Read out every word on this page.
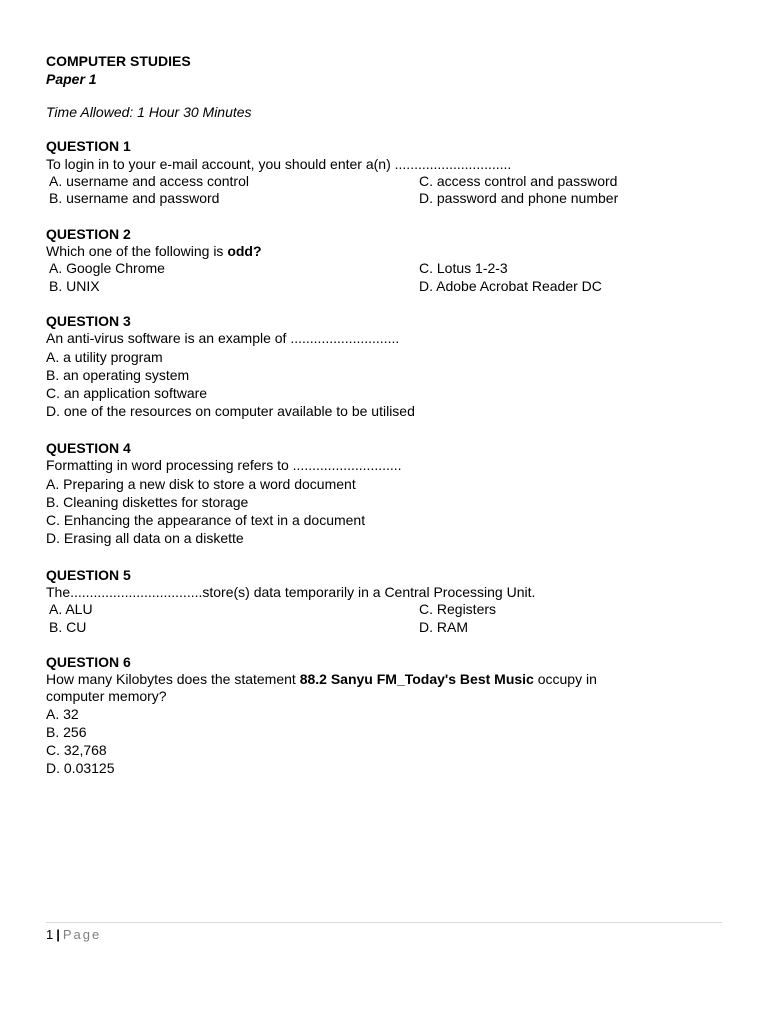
COMPUTER STUDIES
Paper 1
Time Allowed: 1 Hour 30 Minutes
QUESTION 1
To login in to your e-mail account, you should enter a(n) ..............................
A. username and access control
B. username and password
C. access control and password
D. password and phone number
QUESTION 2
Which one of the following is odd?
A. Google Chrome
B. UNIX
C. Lotus 1-2-3
D. Adobe Acrobat Reader DC
QUESTION 3
An anti-virus software is an example of ............................
A. a utility program
B. an operating system
C. an application software
D. one of the resources on computer available to be utilised
QUESTION 4
Formatting in word processing refers to ............................
A. Preparing a new disk to store a word document
B. Cleaning diskettes for storage
C. Enhancing the appearance of text in a document
D. Erasing all data on a diskette
QUESTION 5
The..................................store(s) data temporarily in a Central Processing Unit.
A. ALU
B. CU
C. Registers
D. RAM
QUESTION 6
How many Kilobytes does the statement 88.2 Sanyu FM_Today's Best Music occupy in
computer memory?
A. 32
B. 256
C. 32,768
D. 0.03125
1 | Page
